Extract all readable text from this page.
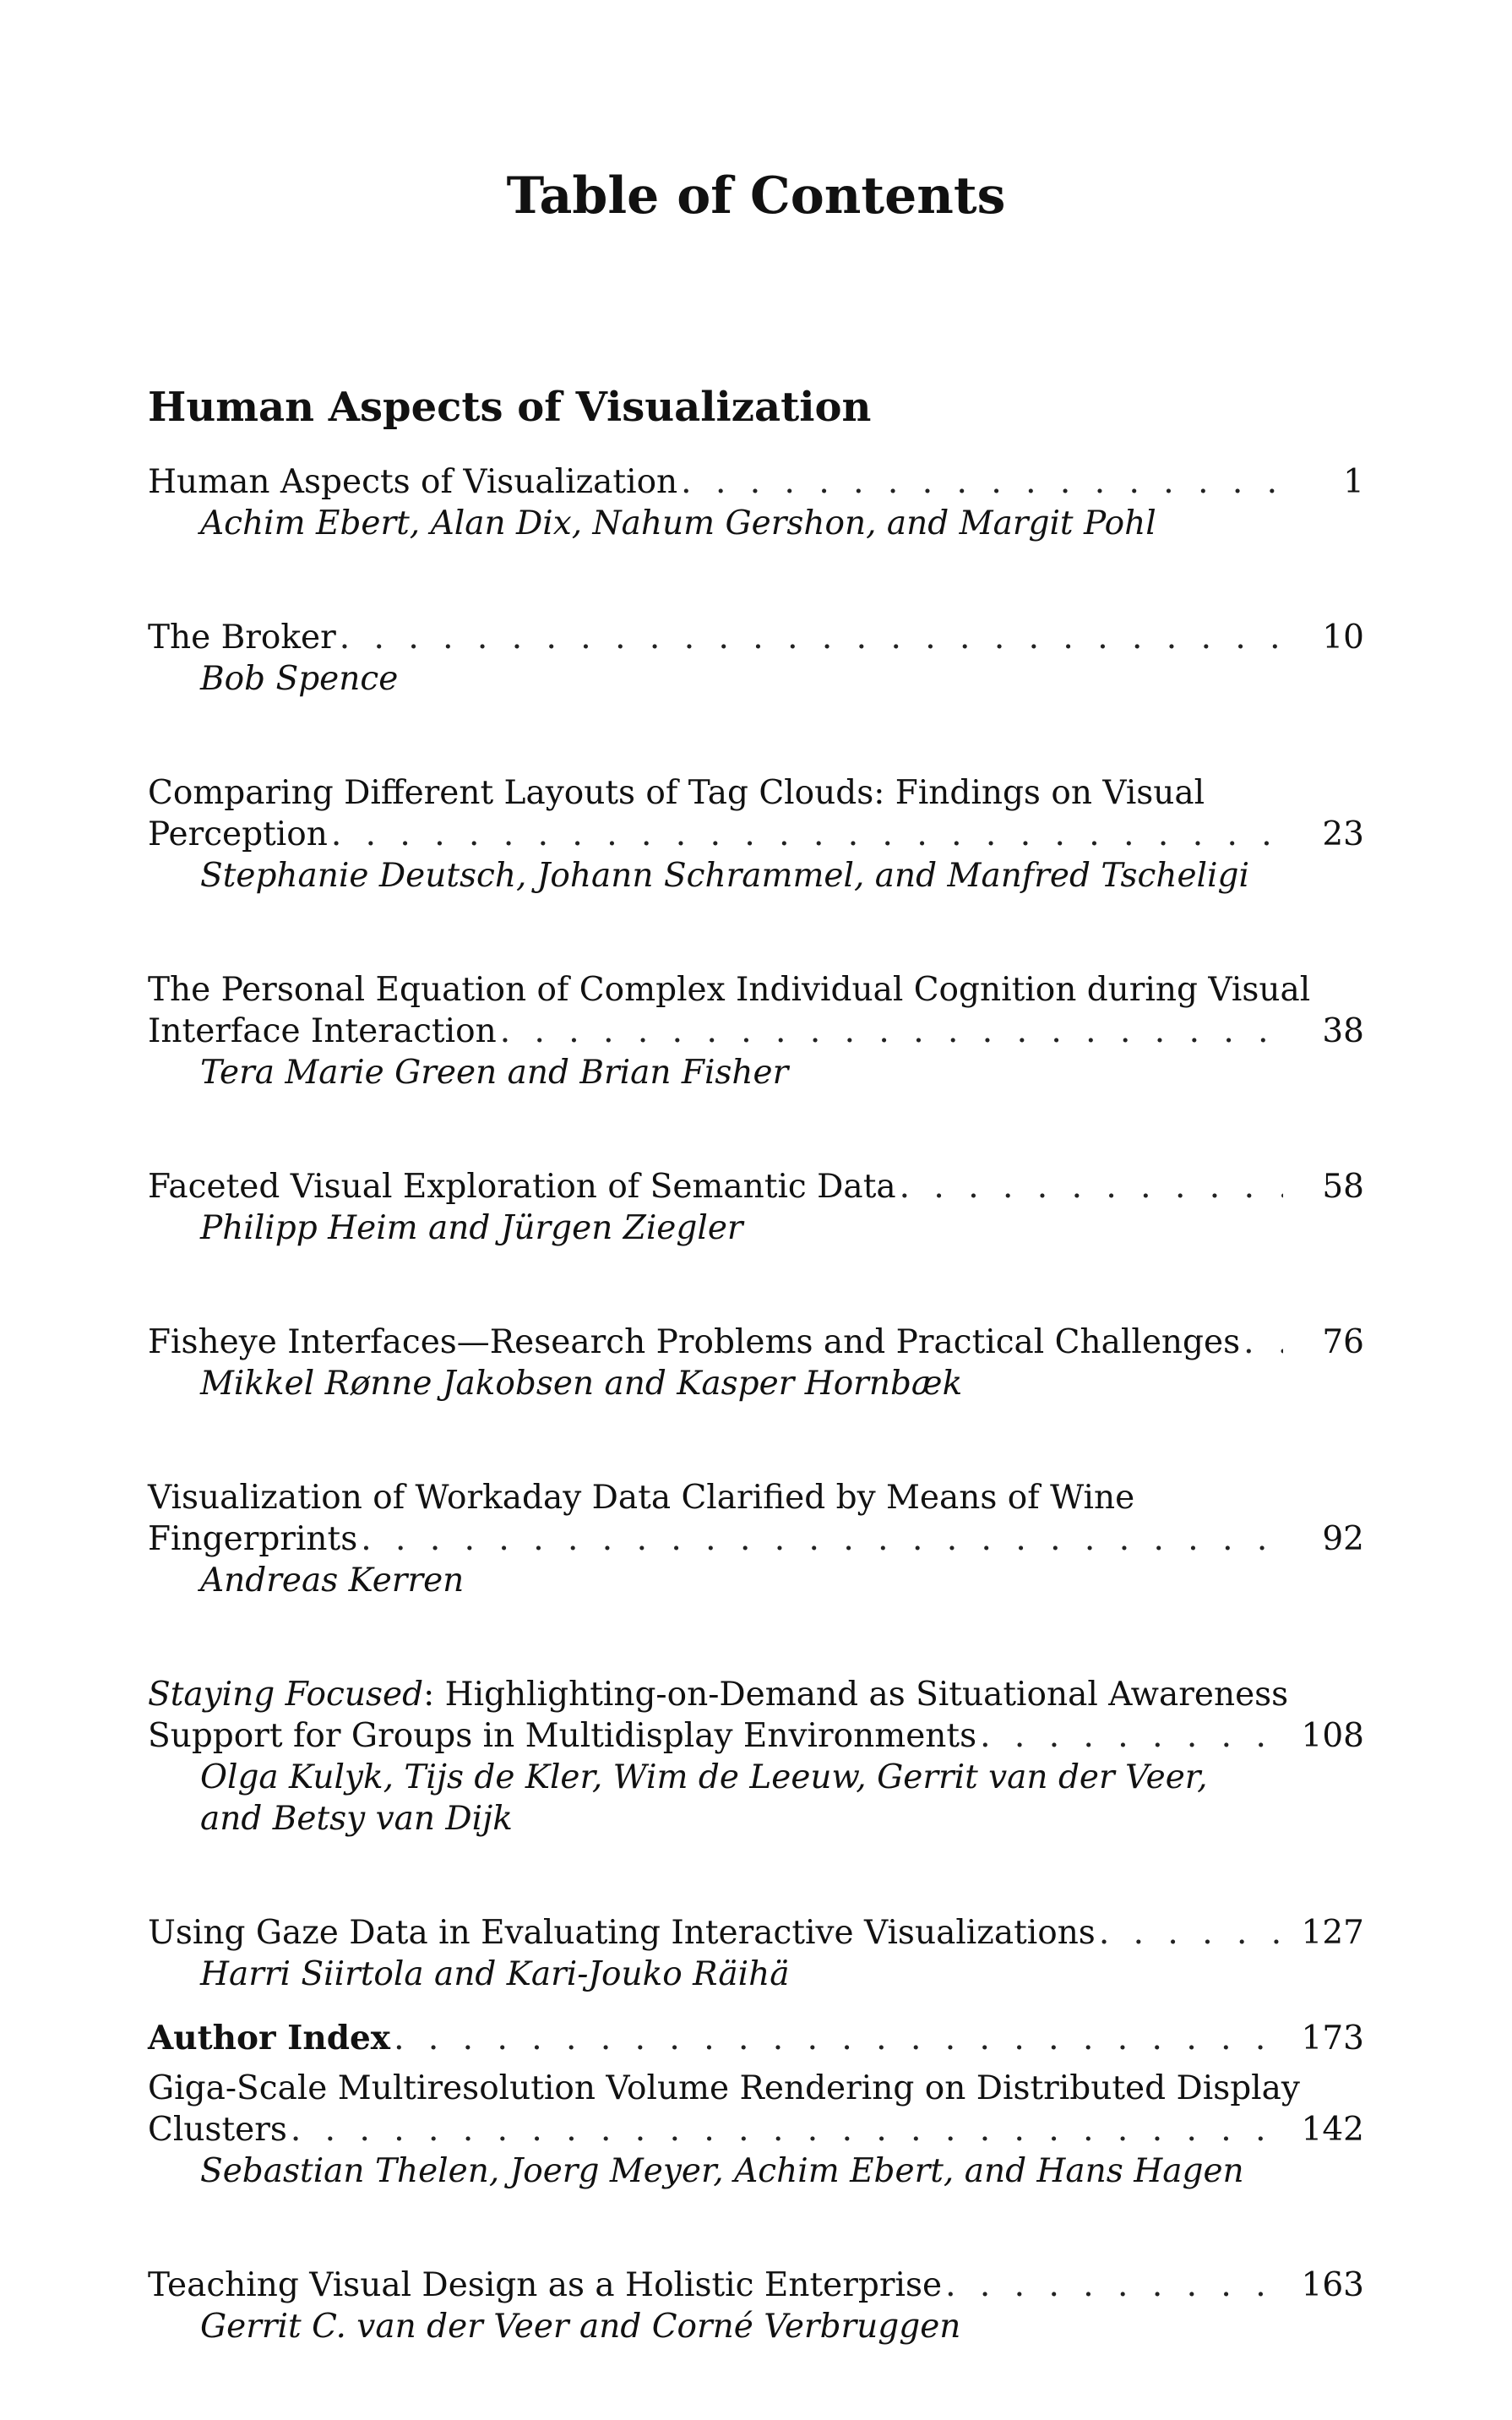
Table of Contents
Human Aspects of Visualization
Human Aspects of Visualization . . .	1
Achim Ebert, Alan Dix, Nahum Gershon, and Margit Pohl
The Broker . . .	10
Bob Spence
Comparing Different Layouts of Tag Clouds: Findings on Visual
Perception . . .	23
Stephanie Deutsch, Johann Schrammel, and Manfred Tscheligi
The Personal Equation of Complex Individual Cognition during Visual
Interface Interaction . . .	38
Tera Marie Green and Brian Fisher
Faceted Visual Exploration of Semantic Data . . .	58
Philipp Heim and Jürgen Ziegler
Fisheye Interfaces—Research Problems and Practical Challenges . . .	76
Mikkel Rønne Jakobsen and Kasper Hornbæk
Visualization of Workaday Data Clarified by Means of Wine
Fingerprints . . .	92
Andreas Kerren
Staying Focused: Highlighting-on-Demand as Situational Awareness
Support for Groups in Multidisplay Environments . . .	108
Olga Kulyk, Tijs de Kler, Wim de Leeuw, Gerrit van der Veer, and Betsy van Dijk
Using Gaze Data in Evaluating Interactive Visualizations . . .	127
Harri Siirtola and Kari-Jouko Räihä
Giga-Scale Multiresolution Volume Rendering on Distributed Display
Clusters . . .	142
Sebastian Thelen, Joerg Meyer, Achim Ebert, and Hans Hagen
Teaching Visual Design as a Holistic Enterprise . . .	163
Gerrit C. van der Veer and Corné Verbruggen
Author Index . . .	173
